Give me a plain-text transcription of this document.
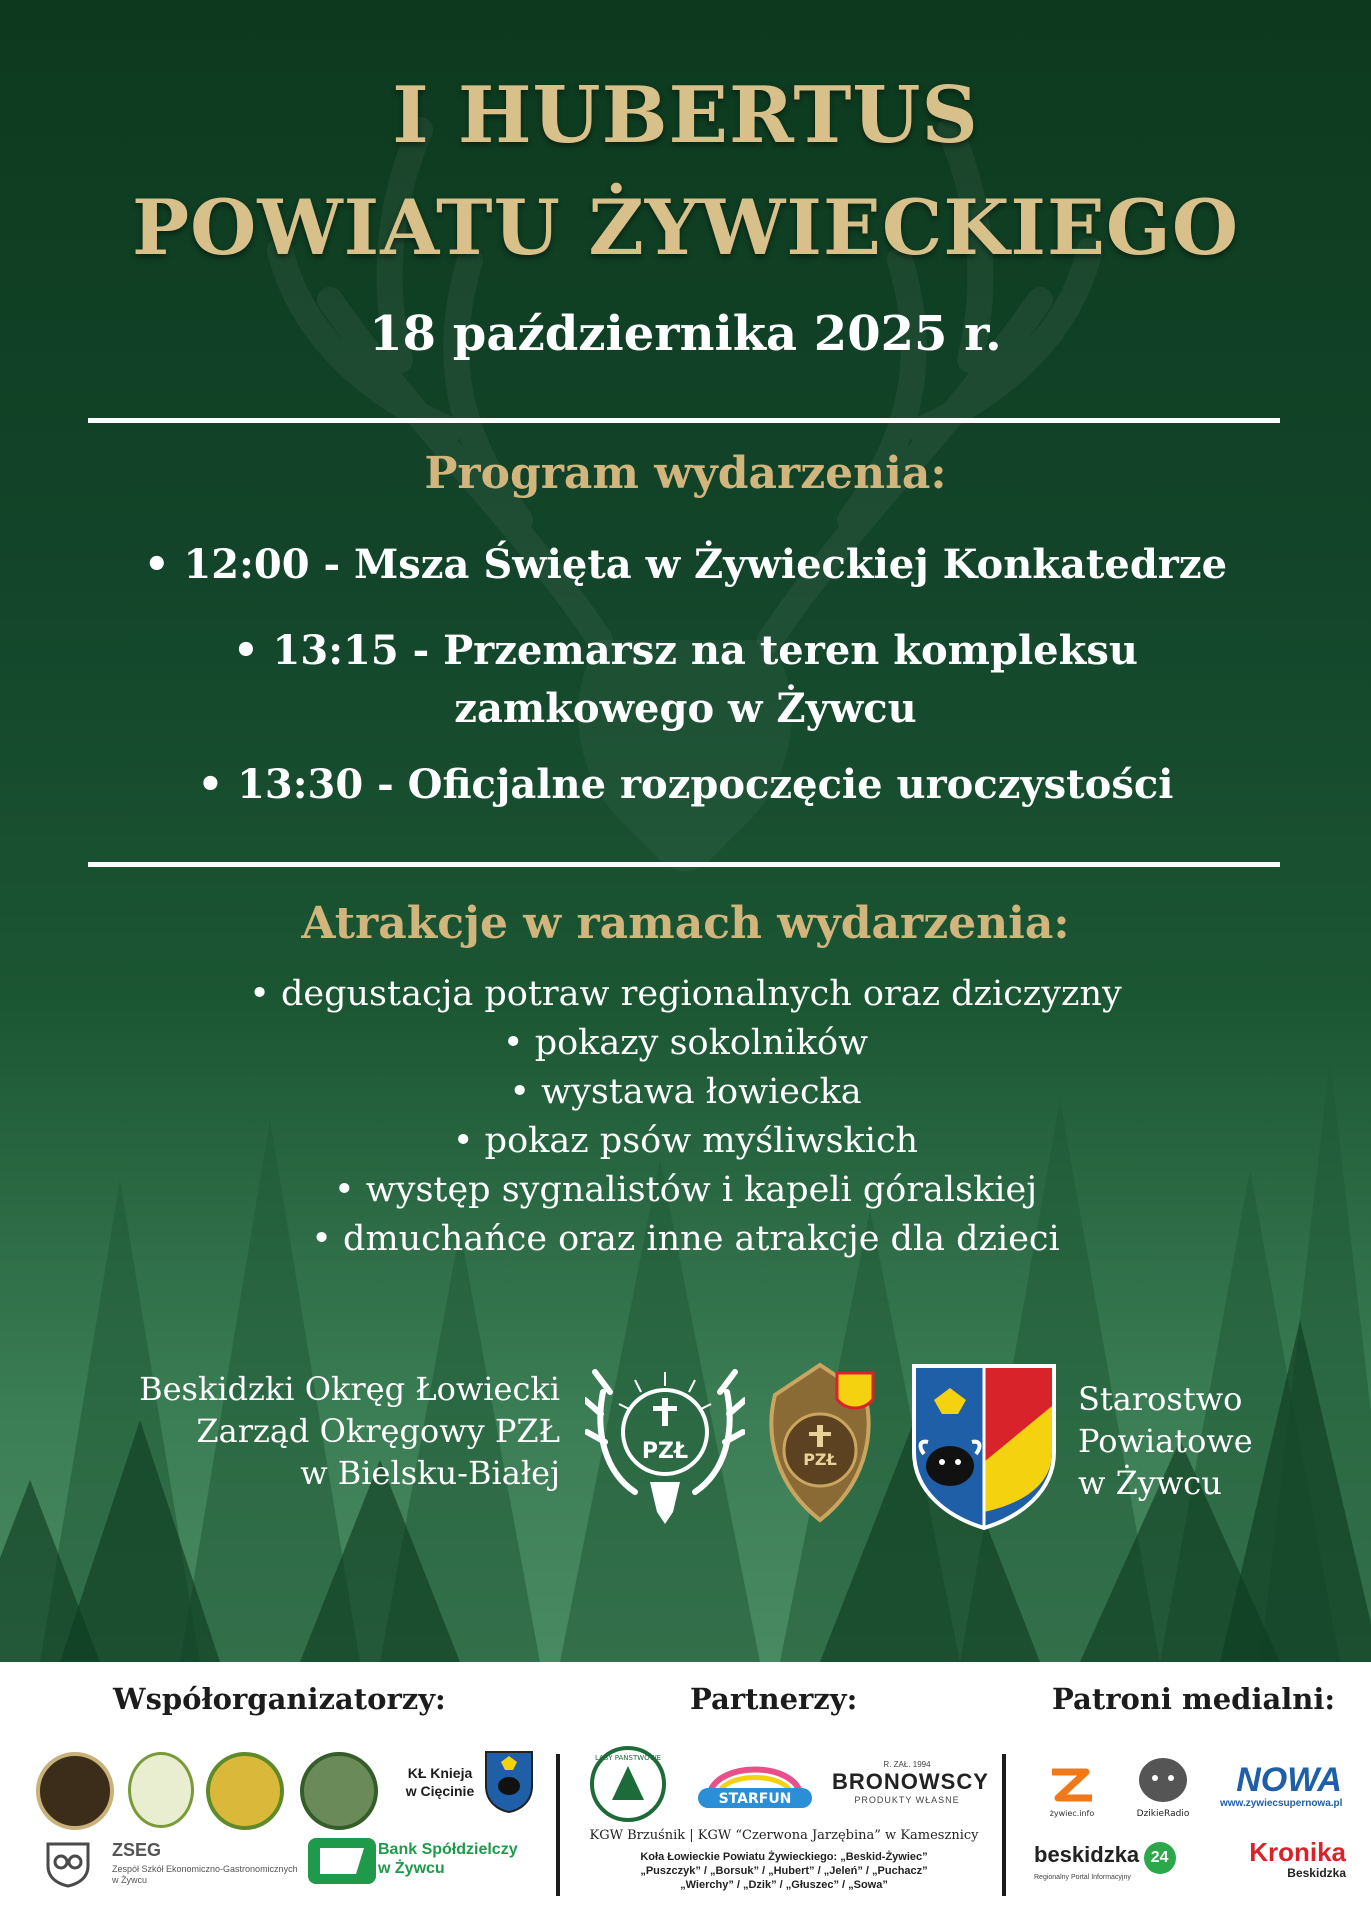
I HUBERTUS
POWIATU ŻYWIECKIEGO
18 października 2025 r.
Program wydarzenia:
• 12:00 - Msza Święta w Żywieckiej Konkatedrze
• 13:15 - Przemarsz na teren kompleksu
zamkowego w Żywcu
• 13:30 - Oficjalne rozpoczęcie uroczystości
Atrakcje w ramach wydarzenia:
• degustacja potraw regionalnych oraz dziczyzny
• pokazy sokolników
• wystawa łowiecka
• pokaz psów myśliwskich
• występ sygnalistów i kapeli góralskiej
• dmuchańce oraz inne atrakcje dla dzieci
Beskidzki Okręg Łowiecki
Zarząd Okręgowy PZŁ
w Bielsku-Białej
PZŁ	PZŁ
Starostwo
Powiatowe
w Żywcu
Współorganizatorzy:	Partnerzy:	Patroni medialni:
KŁ Knieja
w Cięcinie
ZSEG
Zespół Szkół Ekonomiczno-Gastronomicznych w Żywcu
Bank Spółdzielczy
w Żywcu
LASY PAŃSTWOWE
STARFUN
R. ZAŁ. 1994
BRONOWSCY
PRODUKTY WŁASNE
KGW Brzuśnik | KGW “Czerwona Jarzębina” w Kamesznicy
Koła Łowieckie Powiatu Żywieckiego: „Beskid-Żywiec”
„Puszczyk” / „Borsuk” / „Hubert” / „Jeleń” / „Puchacz”
„Wierchy” / „Dzik” / „Głuszec” / „Sowa”
żywiec.info	DzikieRadio
NOWA
www.zywiecsupernowa.pl
beskidzka 24
Regionalny Portal Informacyjny
Kronika
Beskidzka
